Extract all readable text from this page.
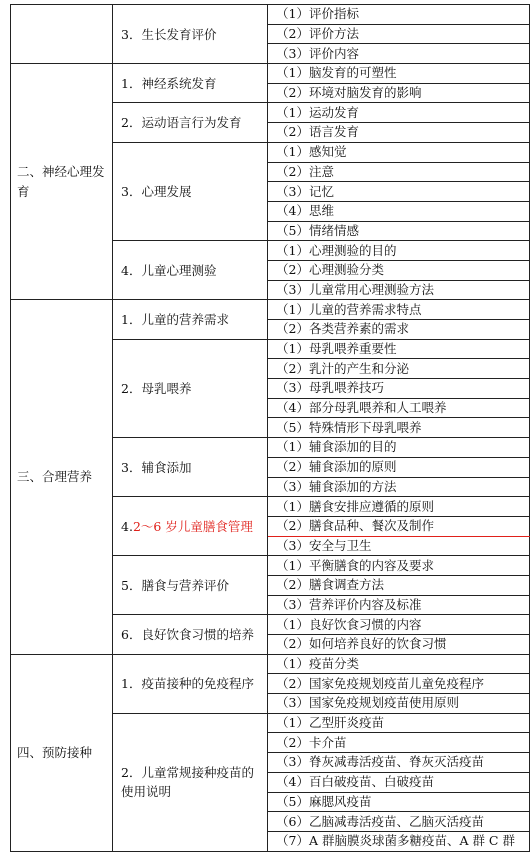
	3．生长发育评价	（1）评价指标
		（2）评价方法
		（3）评价内容
二、神经心理发育	1．神经系统发育	（1）脑发育的可塑性
		（2）环境对脑发育的影响
	2．运动语言行为发育	（1）运动发育
		（2）语言发育
	3．心理发展	（1）感知觉
		（2）注意
		（3）记忆
		（4）思维
		（5）情绪情感
	4．儿童心理测验	（1）心理测验的目的
		（2）心理测验分类
		（3）儿童常用心理测验方法
三、合理营养	1．儿童的营养需求	（1）儿童的营养需求特点
		（2）各类营养素的需求
	2．母乳喂养	（1）母乳喂养重要性
		（2）乳汁的产生和分泌
		（3）母乳喂养技巧
		（4）部分母乳喂养和人工喂养
		（5）特殊情形下母乳喂养
	3．辅食添加	（1）辅食添加的目的
		（2）辅食添加的原则
		（3）辅食添加的方法
	4.2～6 岁儿童膳食管理	（1）膳食安排应遵循的原则
		（2）膳食品种、餐次及制作
		（3）安全与卫生
	5．膳食与营养评价	（1）平衡膳食的内容及要求
		（2）膳食调查方法
		（3）营养评价内容及标准
	6．良好饮食习惯的培养	（1）良好饮食习惯的内容
		（2）如何培养良好的饮食习惯
四、预防接种	1．疫苗接种的免疫程序	（1）疫苗分类
		（2）国家免疫规划疫苗儿童免疫程序
		（3）国家免疫规划疫苗使用原则
	2．儿童常规接种疫苗的使用说明	（1）乙型肝炎疫苗
		（2）卡介苗
		（3）脊灰减毒活疫苗、脊灰灭活疫苗
		（4）百白破疫苗、白破疫苗
		（5）麻腮风疫苗
		（6）乙脑减毒活疫苗、乙脑灭活疫苗
		（7）A 群脑膜炎球菌多糖疫苗、A 群 C 群
